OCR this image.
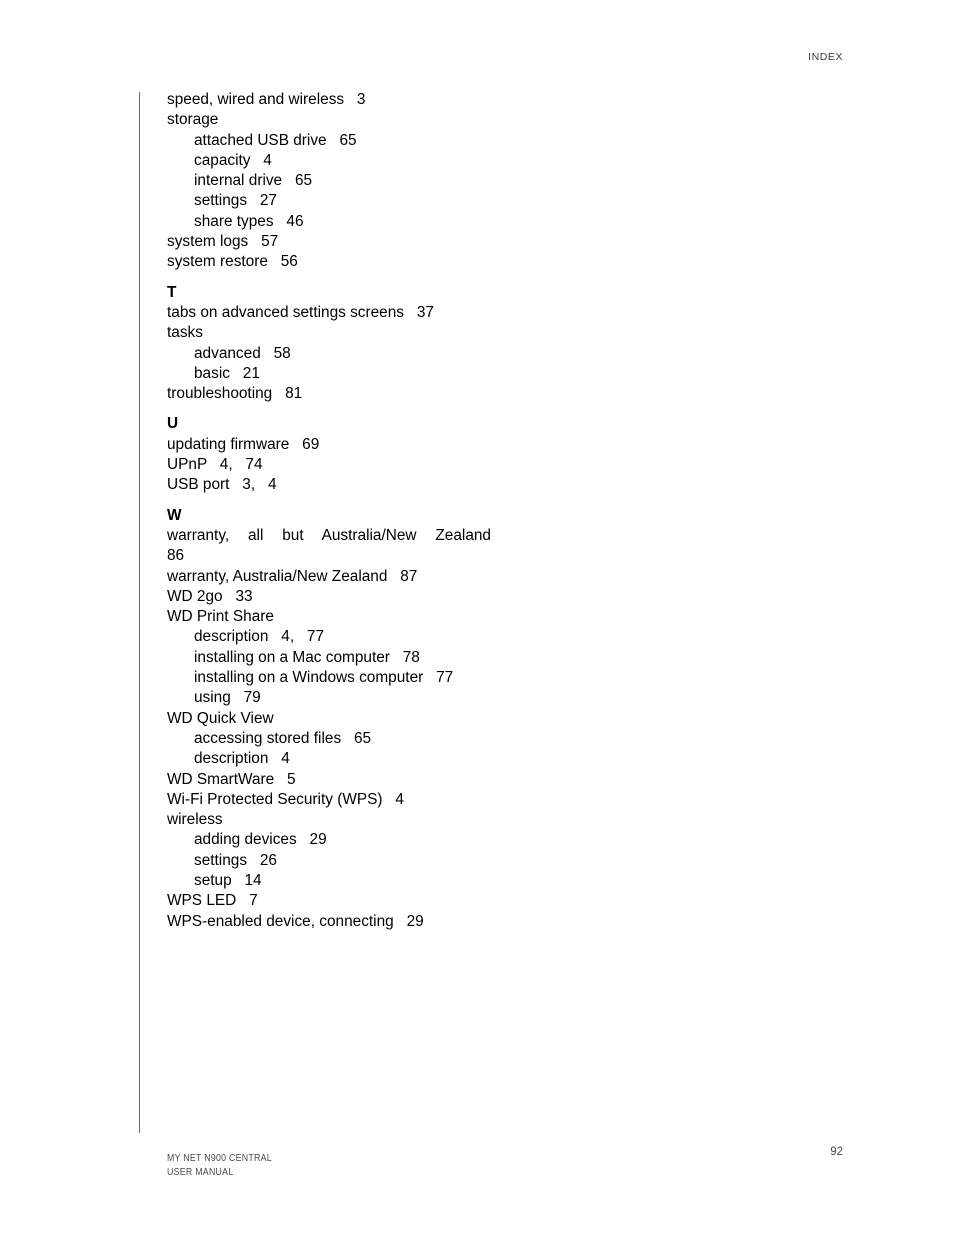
INDEX
speed, wired and wireless 3
storage
attached USB drive 65
capacity 4
internal drive 65
settings 27
share types 46
system logs 57
system restore 56
T
tabs on advanced settings screens 37
tasks
advanced 58
basic 21
troubleshooting 81
U
updating firmware 69
UPnP 4,   74
USB port 3,   4
W
warranty, all but Australia/New Zealand
86
warranty, Australia/New Zealand 87
WD 2go 33
WD Print Share
description 4,   77
installing on a Mac computer 78
installing on a Windows computer 77
using 79
WD Quick View
accessing stored files 65
description 4
WD SmartWare 5
Wi-Fi Protected Security (WPS) 4
wireless
adding devices 29
settings 26
setup 14
WPS LED 7
WPS-enabled device, connecting 29
MY NET N900 CENTRAL
USER MANUAL
92
